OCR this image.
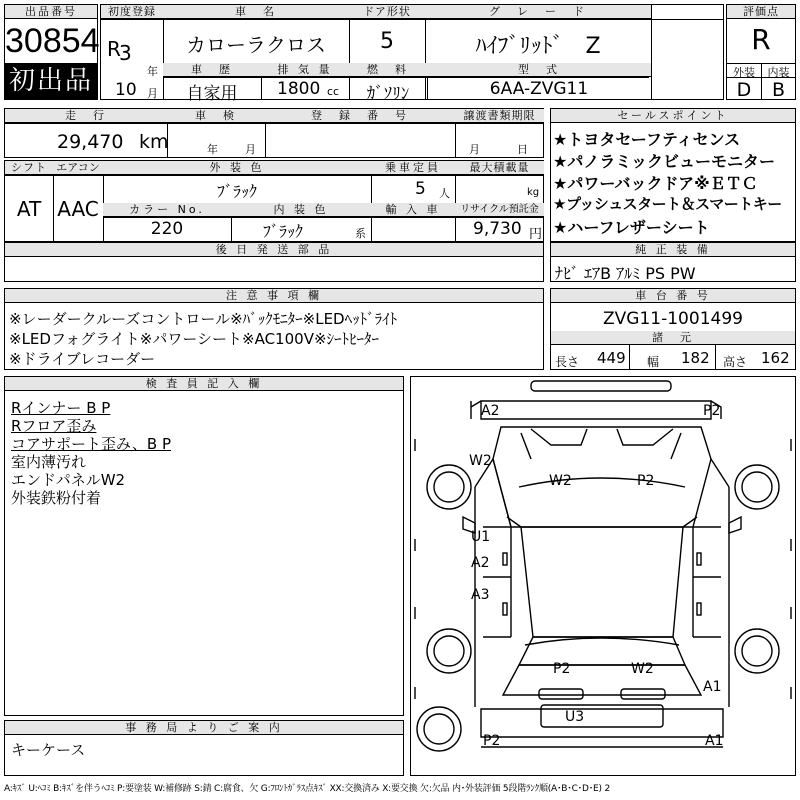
出品番号
30854
初出品
初度登録
R
3
年
10 月
車　名
カローラクロス
ドア形状
5
グ　レ　ー　ド
ﾊｲﾌﾞﾘｯﾄﾞ　Z
車　歴
自家用
排 気 量
1800 cc
燃　料
ｶﾞｿﾘﾝ
型　式
6AA-ZVG11
評価点
R
外装	内装
D	B
走　行
29,470 km
車　検
年 月
登　録　番　号	譲渡書類期限
月	日
セールスポイント
★トヨタセーフティセンス
★パノラミックビューモニター
★パワーバックドア※ＥＴＣ
★プッシュスタート＆スマートキー
★ハーフレザーシート
シフト エアコン
AT AAC
外 装 色
ﾌﾞﾗｯｸ
カラー No.
220
内 装 色
ﾌﾞﾗｯｸ	系
乗車定員
5 人
輸 入 車
最大積載量
kg
リサイクル預託金
9,730 円
後 日 発 送 部 品	純 正 装 備
ﾅﾋﾞ ｴｱB ｱﾙﾐ PS PW
注 意 事 項 欄
※レーダークルーズコントロール※ﾊﾞｯｸﾓﾆﾀｰ※LEDﾍｯﾄﾞﾗｲﾄ
※LEDフォグライト※パワーシート※AC100V※ｼｰﾄﾋｰﾀｰ
※ドライブレコーダー
車 台 番 号
ZVG11-1001499
諸　元
長さ 449 幅 182 高さ 162
検 査 員 記 入 欄
Rインナー B P
Rフロア歪み
コアサポート歪み、B P
室内薄汚れ
エンドパネルW2
外装鉄粉付着
事 務 局 よ り ご 案 内
キーケース
A2	P2
W2
W2	P2
U1
A2
A3
P2	W2
A1
U3
P2	A1
A:ｷｽﾞ U:ﾍｺﾐ B:ｷｽﾞを伴うﾍｺﾐ P:要塗装 W:補修跡 S:錆 C:腐食、欠 G:ﾌﾛﾝﾄｶﾞﾗｽ点ｷｽﾞ XX:交換済み X:要交換 欠:欠品 内･外装評価 5段階ﾗﾝｸ順(A･B･C･D･E) 2
